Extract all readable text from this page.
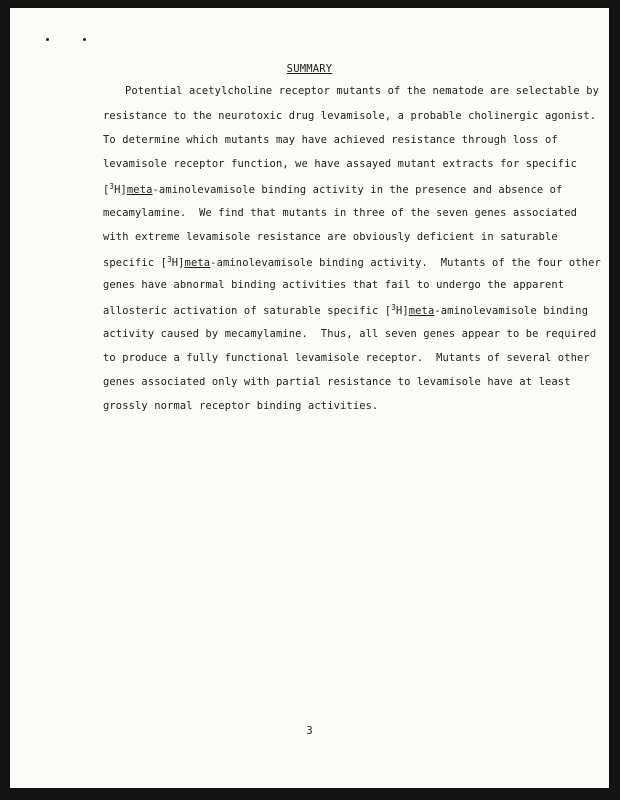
SUMMARY
Potential acetylcholine receptor mutants of the nematode are selectable by
resistance to the neurotoxic drug levamisole, a probable cholinergic agonist.
To determine which mutants may have achieved resistance through loss of
levamisole receptor function, we have assayed mutant extracts for specific
[$^3$H]meta-aminolevamisole binding activity in the presence and absence of
mecamylamine.  We find that mutants in three of the seven genes associated
with extreme levamisole resistance are obviously deficient in saturable
specific [$^3$H]meta-aminolevamisole binding activity.  Mutants of the four other
genes have abnormal binding activities that fail to undergo the apparent
allosteric activation of saturable specific [$^3$H]meta-aminolevamisole binding
activity caused by mecamylamine.  Thus, all seven genes appear to be required
to produce a fully functional levamisole receptor.  Mutants of several other
genes associated only with partial resistance to levamisole have at least
grossly normal receptor binding activities.
3
